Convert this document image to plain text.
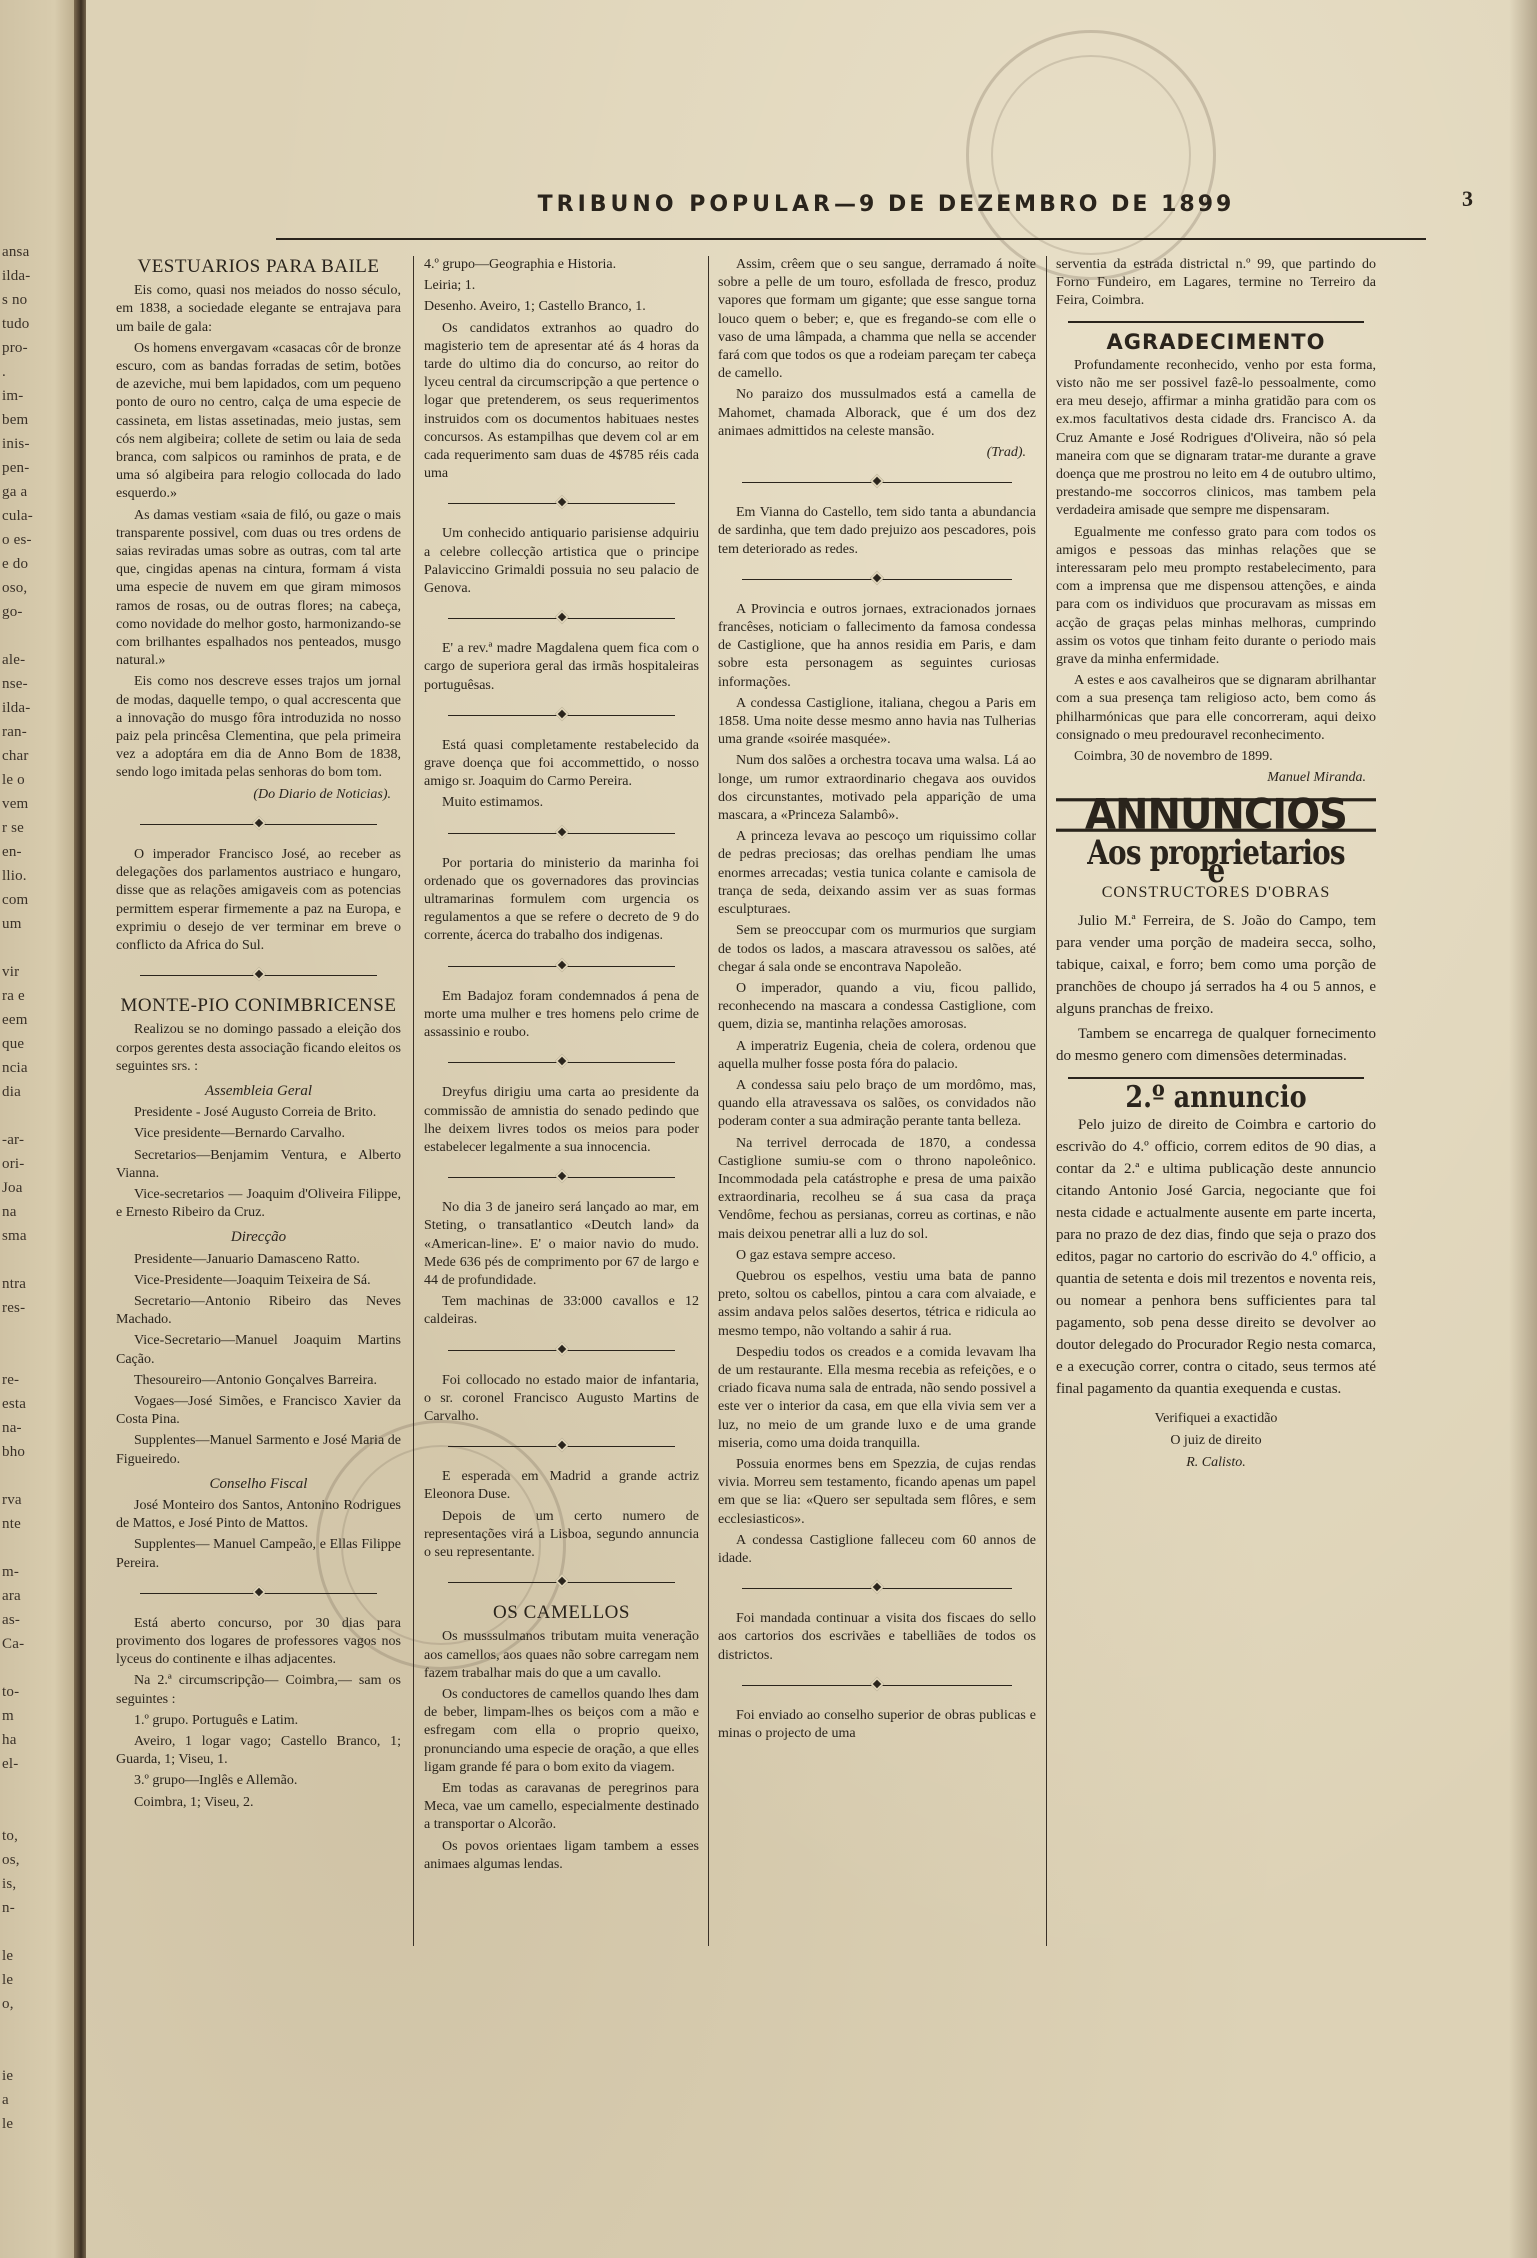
ansa
ilda-
s no
tudo
pro-
.
im-
bem
inis-
pen-
ga a
cula-
o es-
e do
oso,
go-

ale-
nse-
ilda-
ran-
char
le o
vem
r se
en-
llio.
com
um

vir
ra e
eem
que
ncia
dia

-ar-
ori-
Joa
na
sma

ntra
res-

re-
esta
na-
bho

rva
nte

m-
ara
as-
Ca-

to-
m
ha
el-

to,
os,
is,
n-

le
le
o,

ie
a
le
TRIBUNO POPULAR—9 DE DEZEMBRO DE 1899	3
VESTUARIOS PARA BAILE

Eis como, quasi nos meiados do nosso século, em 1838, a sociedade elegante se entrajava para um baile de gala:

Os homens envergavam «casacas côr de bronze escuro, com as bandas forradas de setim, botões de azeviche, mui bem lapidados, com um pequeno ponto de ouro no centro, calça de uma especie de cassineta, em listas assetinadas, meio justas, sem cós nem algibeira; collete de setim ou laia de seda branca, com salpicos ou raminhos de prata, e de uma só algibeira para relogio collocada do lado esquerdo.»

As damas vestiam «saia de filó, ou gaze o mais transparente possivel, com duas ou tres ordens de saias reviradas umas sobre as outras, com tal arte que, cingidas apenas na cintura, formam á vista uma especie de nuvem em que giram mimosos ramos de rosas, ou de outras flores; na cabeça, como novidade do melhor gosto, harmonizando-se com brilhantes espalhados nos penteados, musgo natural.»

Eis como nos descreve esses trajos um jornal de modas, daquelle tempo, o qual accrescenta que a innovação do musgo fôra introduzida no nosso paiz pela princêsa Clementina, que pela primeira vez a adoptára em dia de Anno Bom de 1838, sendo logo imitada pelas senhoras do bom tom.

(Do Diario de Noticias).

O imperador Francisco José, ao receber as delegações dos parlamentos austriaco e hungaro, disse que as relações amigaveis com as potencias permittem esperar firmemente a paz na Europa, e exprimiu o desejo de ver terminar em breve o conflicto da Africa do Sul.

MONTE-PIO CONIMBRICENSE

Realizou se no domingo passado a eleição dos corpos gerentes desta associação ficando eleitos os seguintes srs. :

Assembleia Geral

Presidente - José Augusto Correia de Brito.

Vice presidente—Bernardo Carvalho.

Secretarios—Benjamim Ventura, e Alberto Vianna.

Vice-secretarios — Joaquim d'Oliveira Filippe, e Ernesto Ribeiro da Cruz.

Direcção

Presidente—Januario Damasceno Ratto.

Vice-Presidente—Joaquim Teixeira de Sá.

Secretario—Antonio Ribeiro das Neves Machado.

Vice-Secretario—Manuel Joaquim Martins Cação.

Thesoureiro—Antonio Gonçalves Barreira.

Vogaes—José Simões, e Francisco Xavier da Costa Pina.

Supplentes—Manuel Sarmento e José Maria de Figueiredo.

Conselho Fiscal

José Monteiro dos Santos, Antonino Rodrigues de Mattos, e José Pinto de Mattos.

Supplentes— Manuel Campeão, e Ellas Filippe Pereira.

Está aberto concurso, por 30 dias para provimento dos logares de professores vagos nos lyceus do continente e ilhas adjacentes.

Na 2.ª circumscripção— Coimbra,— sam os seguintes :

1.º grupo. Português e Latim.

Aveiro, 1 logar vago; Castello Branco, 1; Guarda, 1; Viseu, 1.

3.º grupo—Inglês e Allemão.

Coimbra, 1; Viseu, 2.

4.º grupo—Geographia e Historia.

Leiria; 1.

Desenho. Aveiro, 1; Castello Branco, 1.

Os candidatos extranhos ao quadro do magisterio tem de apresentar até ás 4 horas da tarde do ultimo dia do concurso, ao reitor do lyceu central da circumscripção a que pertence o logar que pretenderem, os seus requerimentos instruidos com os documentos habituaes nestes concursos. As estampilhas que devem col ar em cada requerimento sam duas de 4$785 réis cada uma

Um conhecido antiquario parisiense adquiriu a celebre collecção artistica que o principe Palaviccino Grimaldi possuia no seu palacio de Genova.

E' a rev.ª madre Magdalena quem fica com o cargo de superiora geral das irmãs hospitaleiras portuguêsas.

Está quasi completamente restabelecido da grave doença que foi accommettido, o nosso amigo sr. Joaquim do Carmo Pereira.

Muito estimamos.

Por portaria do ministerio da marinha foi ordenado que os governadores das provincias ultramarinas formulem com urgencia os regulamentos a que se refere o decreto de 9 do corrente, ácerca do trabalho dos indigenas.

Em Badajoz foram condemnados á pena de morte uma mulher e tres homens pelo crime de assassinio e roubo.

Dreyfus dirigiu uma carta ao presidente da commissão de amnistia do senado pedindo que lhe deixem livres todos os meios para poder estabelecer legalmente a sua innocencia.

No dia 3 de janeiro será lançado ao mar, em Steting, o transatlantico «Deutch land» da «American-line». E' o maior navio do mudo. Mede 636 pés de comprimento por 67 de largo e 44 de profundidade.

Tem machinas de 33:000 cavallos e 12 caldeiras.

Foi collocado no estado maior de infantaria, o sr. coronel Francisco Augusto Martins de Carvalho.

E esperada em Madrid a grande actriz Eleonora Duse.

Depois de um certo numero de representações virá a Lisboa, segundo annuncia o seu representante.

OS CAMELLOS

Os musssulmanos tributam muita veneração aos camellos, aos quaes não sobre carregam nem fazem trabalhar mais do que a um cavallo.

Os conductores de camellos quando lhes dam de beber, limpam-lhes os beiços com a mão e esfregam com ella o proprio queixo, pronunciando uma especie de oração, a que elles ligam grande fé para o bom exito da viagem.

Em todas as caravanas de peregrinos para Meca, vae um camello, especialmente destinado a transportar o Alcorão.

Os povos orientaes ligam tambem a esses animaes algumas lendas.

Assim, crêem que o seu sangue, derramado á noite sobre a pelle de um touro, esfollada de fresco, produz vapores que formam um gigante; que esse sangue torna louco quem o beber; e, que es fregando-se com elle o vaso de uma lâmpada, a chamma que nella se accender fará com que todos os que a rodeiam pareçam ter cabeça de camello.

No paraizo dos mussulmados está a camella de Mahomet, chamada Alborack, que é um dos dez animaes admittidos na celeste mansão.

(Trad).

Em Vianna do Castello, tem sido tanta a abundancia de sardinha, que tem dado prejuizo aos pescadores, pois tem deteriorado as redes.

A Provincia e outros jornaes, extracionados jornaes francêses, noticiam o fallecimento da famosa condessa de Castiglione, que ha annos residia em Paris, e dam sobre esta personagem as seguintes curiosas informações.

A condessa Castiglione, italiana, chegou a Paris em 1858. Uma noite desse mesmo anno havia nas Tulherias uma grande «soirée masquée».

Num dos salões a orchestra tocava uma walsa. Lá ao longe, um rumor extraordinario chegava aos ouvidos dos circunstantes, motivado pela apparição de uma mascara, a «Princeza Salambô».

A princeza levava ao pescoço um riquissimo collar de pedras preciosas; das orelhas pendiam lhe umas enormes arrecadas; vestia tunica colante e camisola de trança de seda, deixando assim ver as suas formas esculpturaes.

Sem se preoccupar com os murmurios que surgiam de todos os lados, a mascara atravessou os salões, até chegar á sala onde se encontrava Napoleão.

O imperador, quando a viu, ficou pallido, reconhecendo na mascara a condessa Castiglione, com quem, dizia se, mantinha relações amorosas.

A imperatriz Eugenia, cheia de colera, ordenou que aquella mulher fosse posta fóra do palacio.

A condessa saiu pelo braço de um mordômo, mas, quando ella atravessava os salões, os convidados não poderam conter a sua admiração perante tanta belleza.

Na terrivel derrocada de 1870, a condessa Castiglione sumiu-se com o throno napoleônico. Incommodada pela catástrophe e presa de uma paixão extraordinaria, recolheu se á sua casa da praça Vendôme, fechou as persianas, correu as cortinas, e não mais deixou penetrar alli a luz do sol.

O gaz estava sempre acceso.

Quebrou os espelhos, vestiu uma bata de panno preto, soltou os cabellos, pintou a cara com alvaiade, e assim andava pelos salões desertos, tétrica e ridicula ao mesmo tempo, não voltando a sahir á rua.

Despediu todos os creados e a comida levavam lha de um restaurante. Ella mesma recebia as refeições, e o criado ficava numa sala de entrada, não sendo possivel a este ver o interior da casa, em que ella vivia sem ver a luz, no meio de um grande luxo e de uma grande miseria, como uma doida tranquilla.

Possuia enormes bens em Spezzia, de cujas rendas vivia. Morreu sem testamento, ficando apenas um papel em que se lia: «Quero ser sepultada sem flôres, e sem ecclesiasticos».

A condessa Castiglione falleceu com 60 annos de idade.

Foi mandada continuar a visita dos fiscaes do sello aos cartorios dos escrivães e tabelliães de todos os districtos.

Foi enviado ao conselho superior de obras publicas e minas o projecto de uma

serventia da estrada districtal n.º 99, que partindo do Forno Fundeiro, em Lagares, termine no Terreiro da Feira, Coimbra.

AGRADECIMENTO

Profundamente reconhecido, venho por esta forma, visto não me ser possivel fazê-lo pessoalmente, como era meu desejo, affirmar a minha gratidão para com os ex.mos facultativos desta cidade drs. Francisco A. da Cruz Amante e José Rodrigues d'Oliveira, não só pela maneira com que se dignaram tratar-me durante a grave doença que me prostrou no leito em 4 de outubro ultimo, prestando-me soccorros clinicos, mas tambem pela verdadeira amisade que sempre me dispensaram.

Egualmente me confesso grato para com todos os amigos e pessoas das minhas relações que se interessaram pelo meu prompto restabelecimento, para com a imprensa que me dispensou attenções, e ainda para com os individuos que procuravam as missas em acção de graças pelas minhas melhoras, cumprindo assim os votos que tinham feito durante o periodo mais grave da minha enfermidade.

A estes e aos cavalheiros que se dignaram abrilhantar com a sua presença tam religioso acto, bem como ás philharmónicas que para elle concorreram, aqui deixo consignado o meu predouravel reconhecimento.

Coimbra, 30 de novembro de 1899.

Manuel Miranda.
ANNUNCIOS
Aos proprietarios e
CONSTRUCTORES D'OBRAS

Julio M.ª Ferreira, de S. João do Campo, tem para vender uma porção de madeira secca, solho, tabique, caixal, e forro; bem como uma porção de pranchões de choupo já serrados ha 4 ou 5 annos, e alguns pranchas de freixo.

Tambem se encarrega de qualquer fornecimento do mesmo genero com dimensões determinadas.

2.º annuncio

Pelo juizo de direito de Coimbra e cartorio do escrivão do 4.º officio, correm editos de 90 dias, a contar da 2.ª e ultima publicação deste annuncio citando Antonio José Garcia, negociante que foi nesta cidade e actualmente ausente em parte incerta, para no prazo de dez dias, findo que seja o prazo dos editos, pagar no cartorio do escrivão do 4.º officio, a quantia de setenta e dois mil trezentos e noventa reis, ou nomear a penhora bens sufficientes para tal pagamento, sob pena desse direito se devolver ao doutor delegado do Procurador Regio nesta comarca, e a execução correr, contra o citado, seus termos até final pagamento da quantia exequenda e custas.

Verifiquei a exactidão
O juiz de direito
R. Calisto.
